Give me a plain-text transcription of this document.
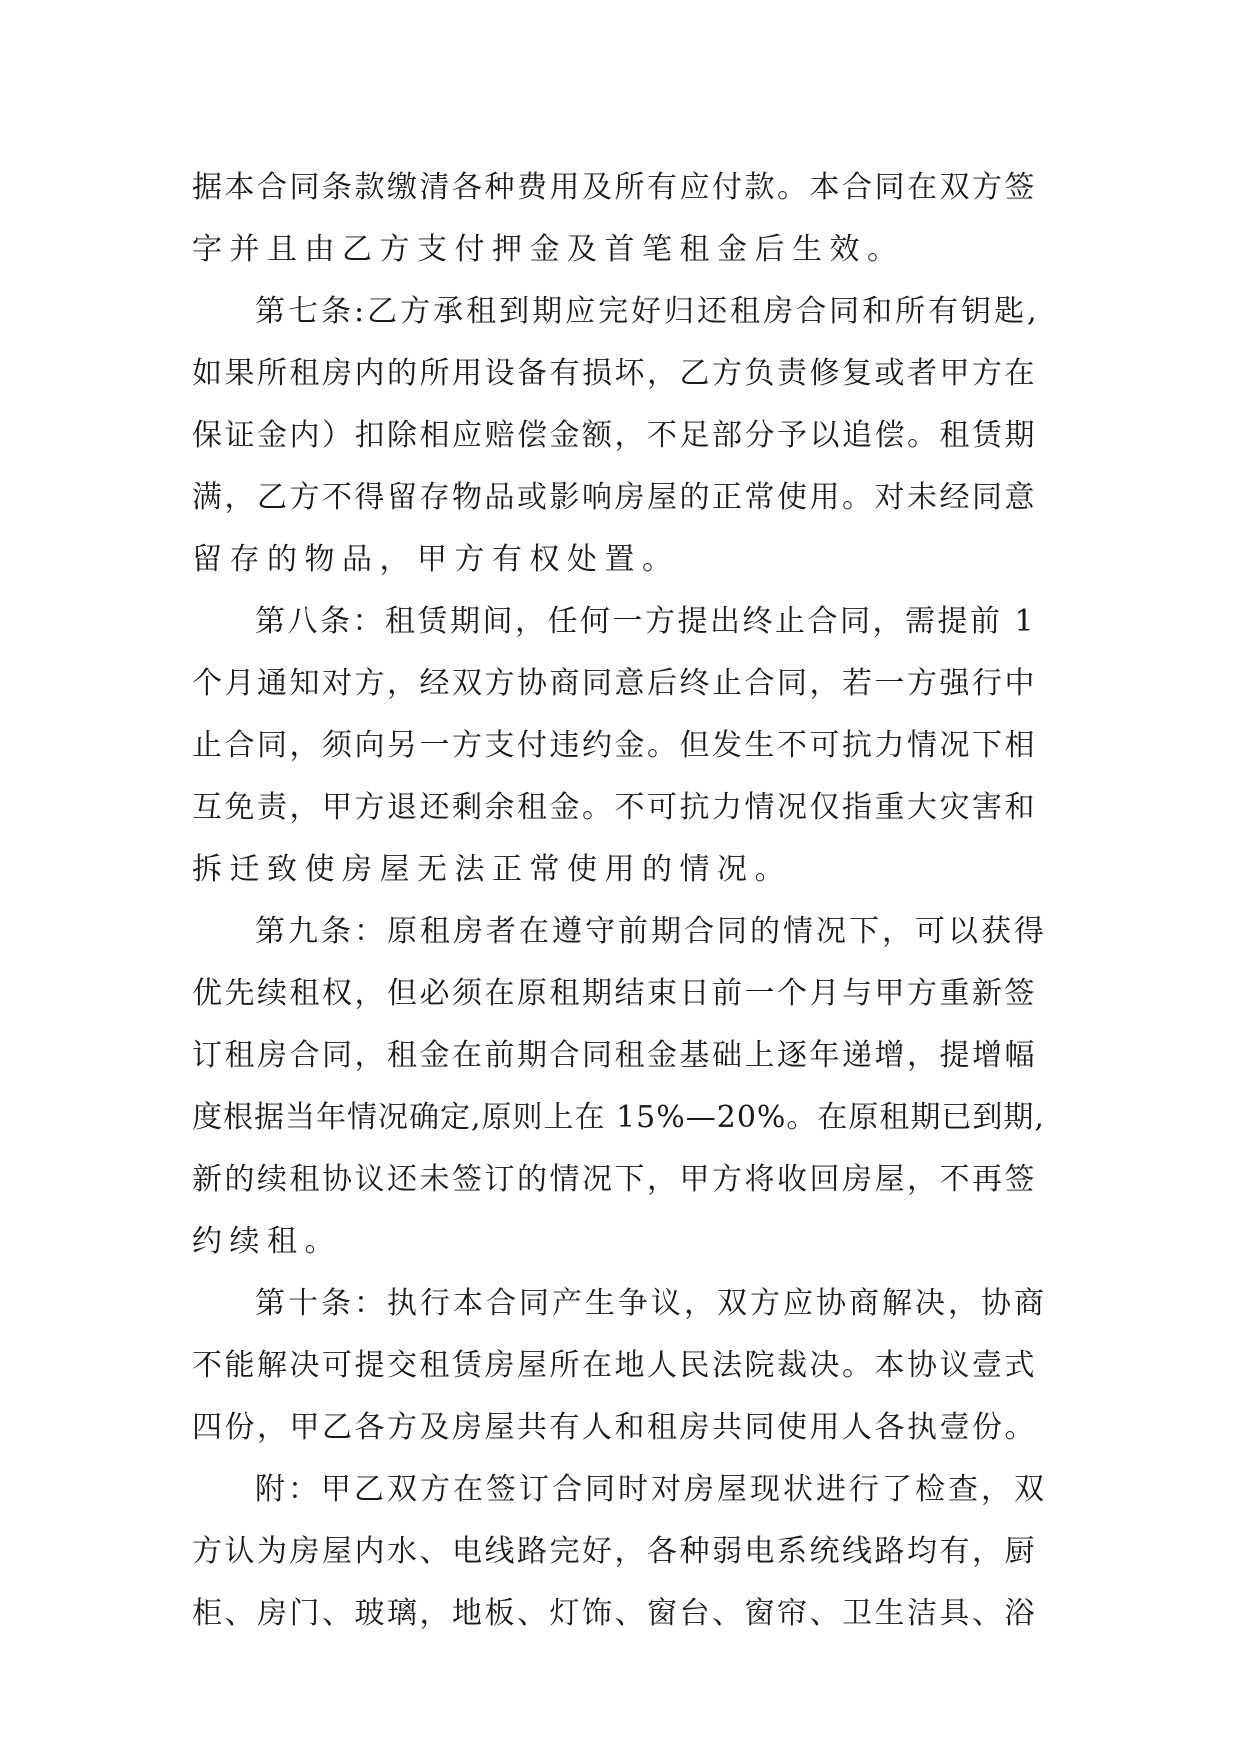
据本合同条款缴清各种费用及所有应付款。本合同在双方签
字并且由乙方支付押金及首笔租金后生效。
第七条:乙方承租到期应完好归还租房合同和所有钥匙,
如果所租房内的所用设备有损坏，乙方负责修复或者甲方在
保证金内）扣除相应赔偿金额，不足部分予以追偿。租赁期
满，乙方不得留存物品或影响房屋的正常使用。对未经同意
留存的物品，甲方有权处置。
第八条：租赁期间，任何一方提出终止合同，需提前 1
个月通知对方，经双方协商同意后终止合同，若一方强行中
止合同，须向另一方支付违约金。但发生不可抗力情况下相
互免责，甲方退还剩余租金。不可抗力情况仅指重大灾害和
拆迁致使房屋无法正常使用的情况。
第九条：原租房者在遵守前期合同的情况下，可以获得
优先续租权，但必须在原租期结束日前一个月与甲方重新签
订租房合同，租金在前期合同租金基础上逐年递增，提增幅
度根据当年情况确定,原则上在 15%—20%。在原租期已到期,
新的续租协议还未签订的情况下，甲方将收回房屋，不再签
约续租。
第十条：执行本合同产生争议，双方应协商解决，协商
不能解决可提交租赁房屋所在地人民法院裁决。本协议壹式
四份，甲乙各方及房屋共有人和租房共同使用人各执壹份。
附：甲乙双方在签订合同时对房屋现状进行了检查，双
方认为房屋内水、电线路完好，各种弱电系统线路均有，厨
柜、房门、玻璃，地板、灯饰、窗台、窗帘、卫生洁具、浴
